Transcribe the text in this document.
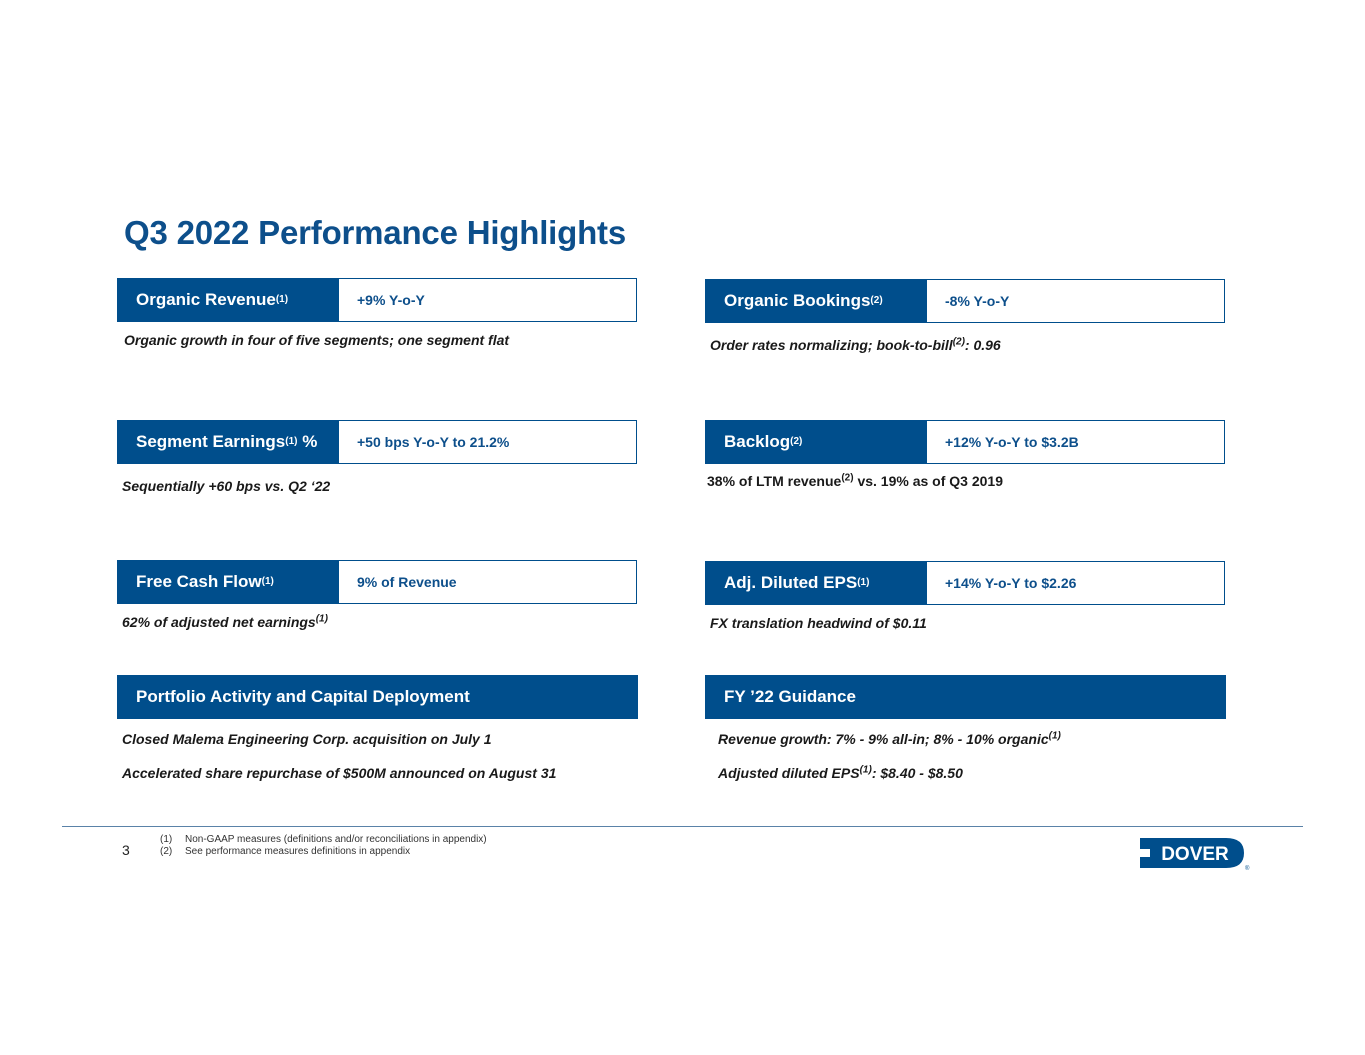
Q3 2022 Performance Highlights
Organic Revenue (1)	+9% Y-o-Y
Organic growth in four of five segments; one segment flat
Organic Bookings (2)	-8% Y-o-Y
Order rates normalizing; book-to-bill$^{(2)}$: 0.96
Segment Earnings (1) %	+50 bps Y-o-Y to 21.2%
Sequentially +60 bps vs. Q2 ‘22
Backlog (2)	+12% Y-o-Y to $3.2B
38% of LTM revenue$^{(2)}$ vs. 19% as of Q3 2019
Free Cash Flow (1)	9% of Revenue
62% of adjusted net earnings$^{(1)}$
Adj. Diluted EPS (1)	+14% Y-o-Y to $2.26
FX translation headwind of $0.11
Portfolio Activity and Capital Deployment
Closed Malema Engineering Corp. acquisition on July 1
Accelerated share repurchase of $500M announced on August 31
FY ’22 Guidance
Revenue growth: 7% - 9% all-in; 8% - 10% organic$^{(1)}$
Adjusted diluted EPS$^{(1)}$: $8.40 - $8.50
3
(1) Non-GAAP measures (definitions and/or reconciliations in appendix)
(2) See performance measures definitions in appendix	DOVER
®
